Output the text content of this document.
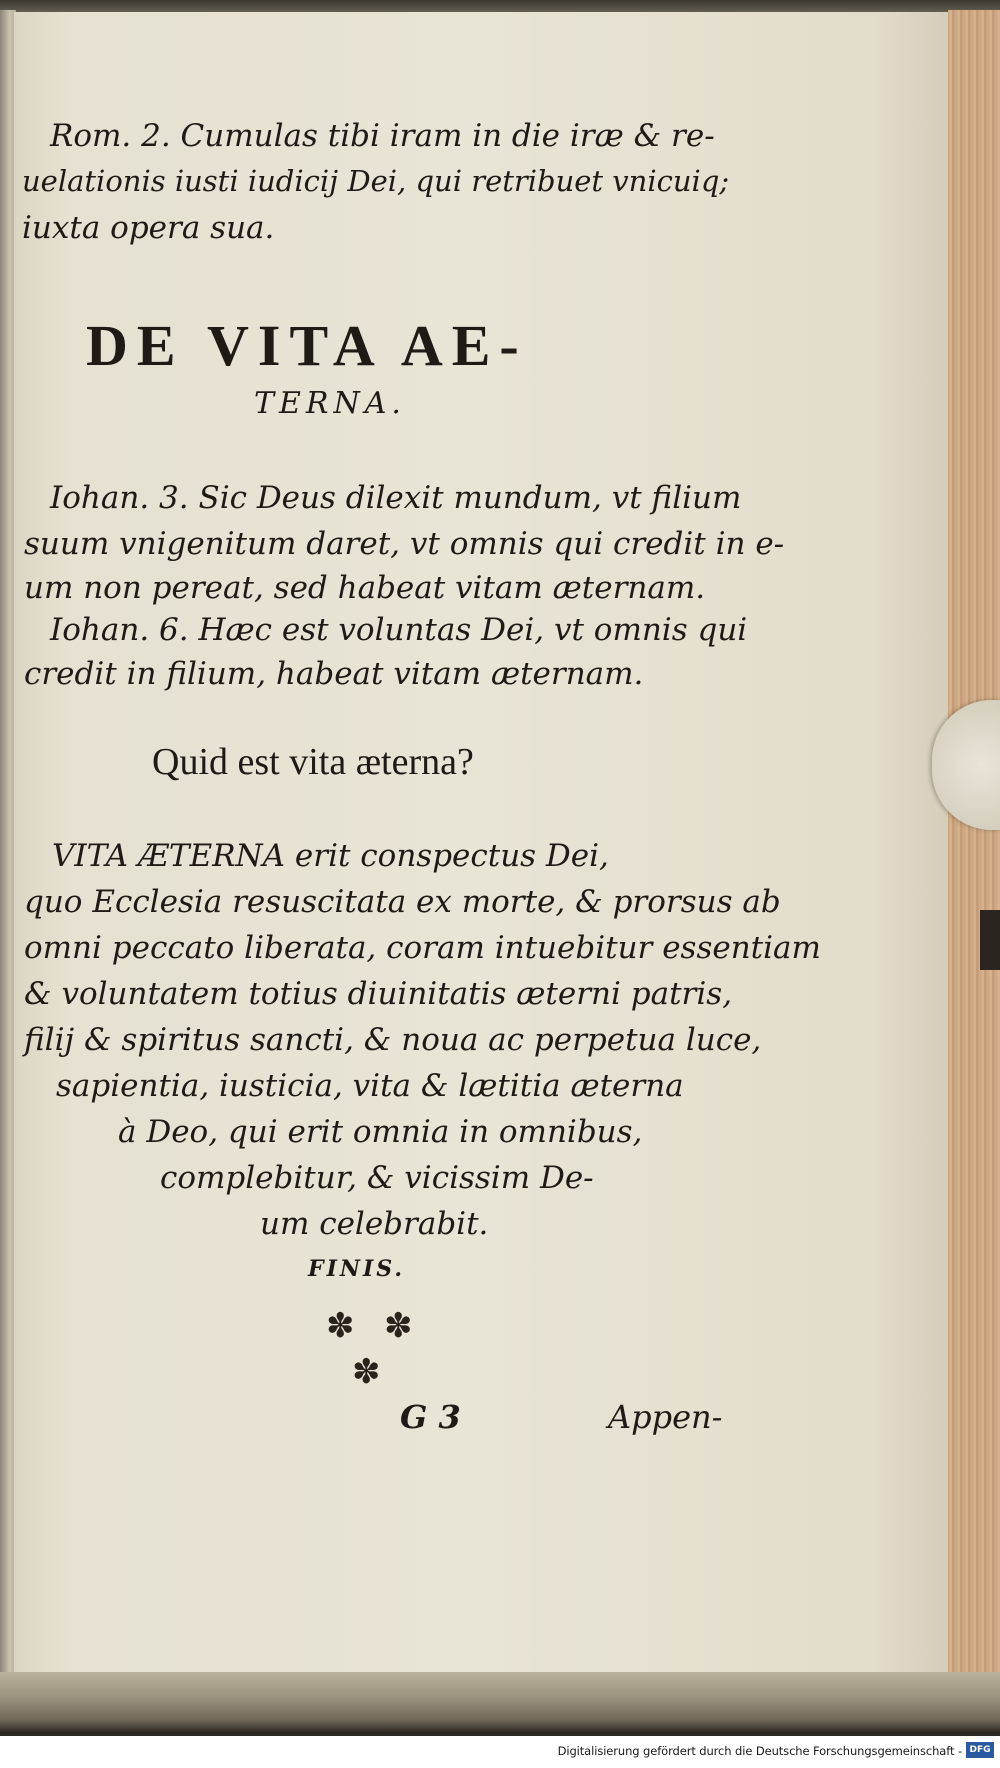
Rom. 2. Cumulas tibi iram in die iræ & re-
uelationis iusti iudicij Dei, qui retribuet vnicuiq;
iuxta opera sua.
DE VITA AE-
TERNA.
Iohan. 3. Sic Deus dilexit mundum, vt filium
suum vnigenitum daret, vt omnis qui credit in e-
um non pereat, sed habeat vitam æternam.
Iohan. 6. Hæc est voluntas Dei, vt omnis qui
credit in filium, habeat vitam æternam.
Quid est vita æterna?
VITA ÆTERNA erit conspectus Dei,
quo Ecclesia resuscitata ex morte, & prorsus ab
omni peccato liberata, coram intuebitur essentiam
& voluntatem totius diuinitatis æterni patris,
filij & spiritus sancti, & noua ac perpetua luce,
sapientia, iusticia, vita & lætitia æterna
à Deo, qui erit omnia in omnibus,
complebitur, & vicissim De-
um celebrabit.
FINIS.
✽ ✽
✽
G 3	Appen-
Digitalisierung gefördert durch die Deutsche Forschungsgemeinschaft - DFG
